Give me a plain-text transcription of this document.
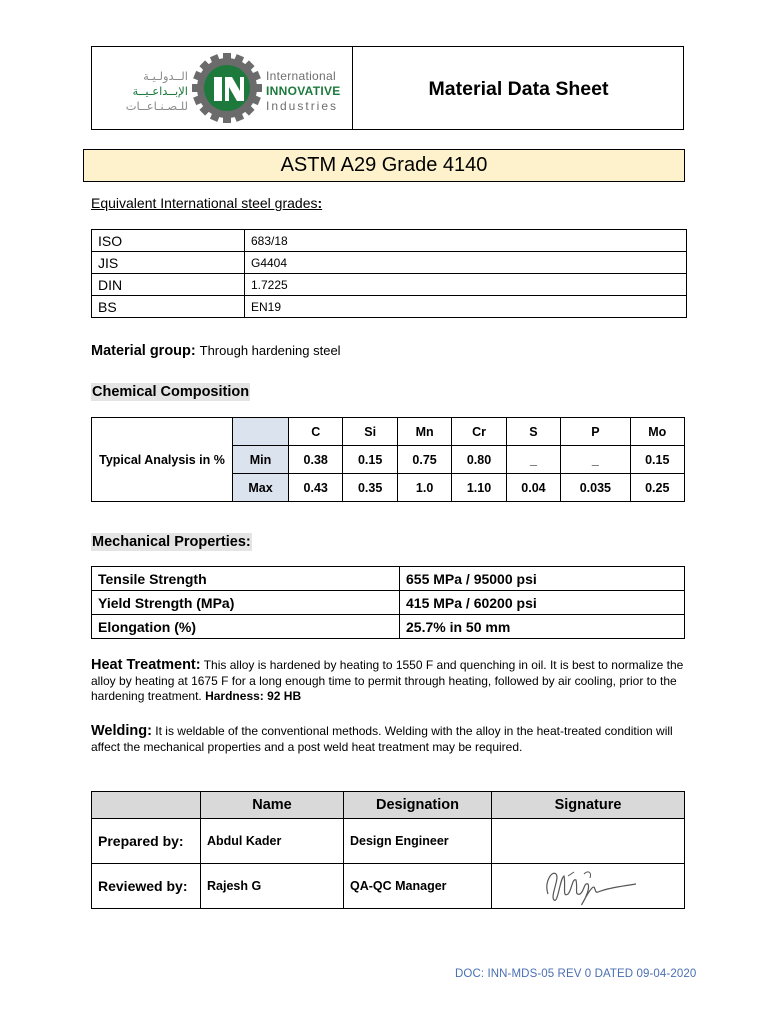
الــدولـيـة
الإبــداعـيــة
للـصـنـاعــات
International
INNOVATIVE
Industries
Material Data Sheet
ASTM A29 Grade 4140
Equivalent International steel grades:
ISO	683/18
JIS	G4404
DIN	1.7225
BS	EN19
Material group: Through hardening steel
Chemical Composition
Typical Analysis in %		C	Si	Mn	Cr	S	P	Mo
	Min	0.38	0.15	0.75	0.80	_	_	0.15
	Max	0.43	0.35	1.0	1.10	0.04	0.035	0.25
Mechanical Properties:
Tensile Strength	655 MPa / 95000 psi
Yield Strength (MPa)	415 MPa / 60200 psi
Elongation (%)	25.7% in 50 mm
Heat Treatment: This alloy is hardened by heating to 1550 F and quenching in oil. It is best to normalize the alloy by heating at 1675 F for a long enough time to permit through heating, followed by air cooling, prior to the hardening treatment. Hardness: 92 HB
Welding: It is weldable of the conventional methods. Welding with the alloy in the heat-treated condition will affect the mechanical properties and a post weld heat treatment may be required.
	Name	Designation	Signature
Prepared by:	Abdul Kader	Design Engineer	
Reviewed by:	Rajesh G	QA-QC Manager	
DOC: INN-MDS-05 REV 0 DATED 09-04-2020
